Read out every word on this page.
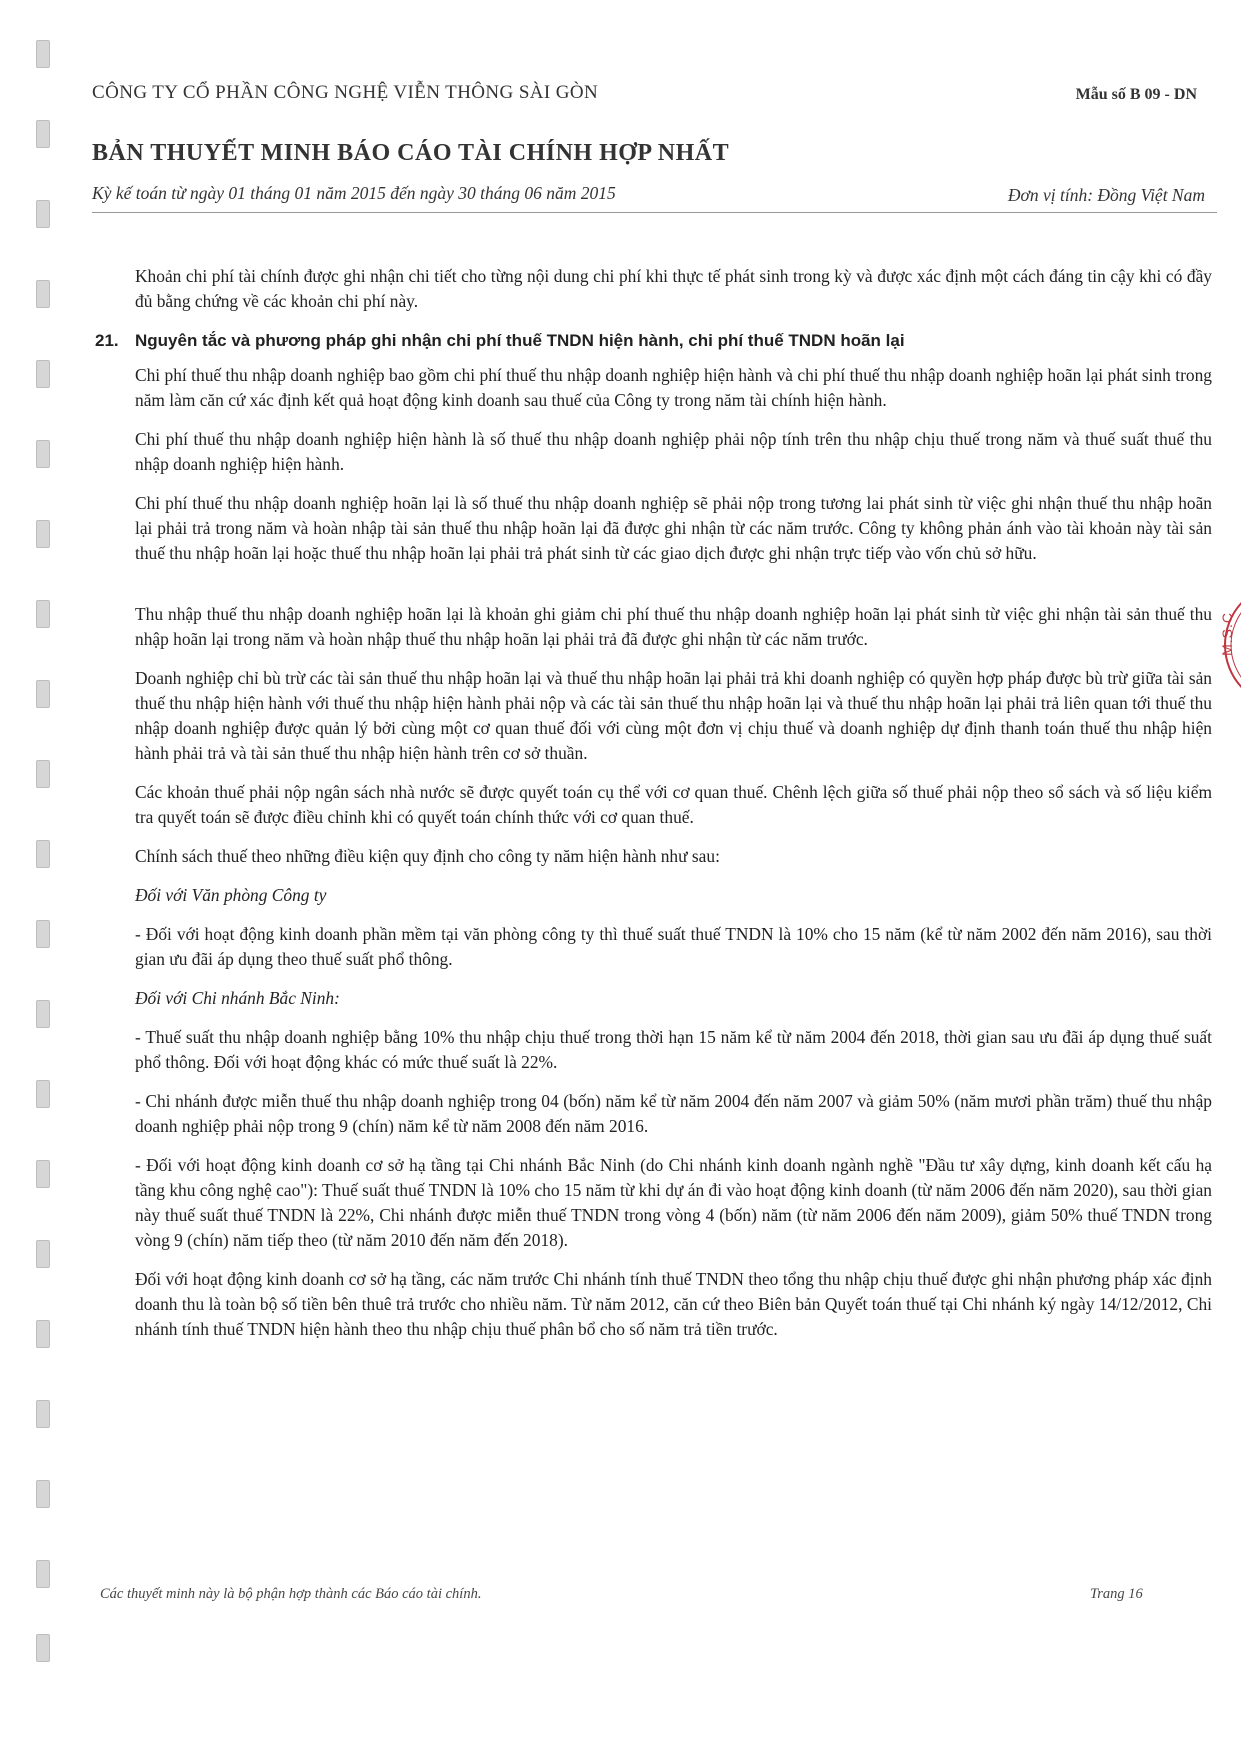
CÔNG TY CỔ PHẦN CÔNG NGHỆ VIỄN THÔNG SÀI GÒN	Mẫu số B 09 - DN
BẢN THUYẾT MINH BÁO CÁO TÀI CHÍNH HỢP NHẤT
Kỳ kế toán từ ngày 01 tháng 01 năm 2015 đến ngày 30 tháng 06 năm 2015	Đơn vị tính: Đồng Việt Nam

Khoản chi phí tài chính được ghi nhận chi tiết cho từng nội dung chi phí khi thực tế phát sinh trong kỳ và được xác định một cách đáng tin cậy khi có đầy đủ bằng chứng về các khoản chi phí này.

21. Nguyên tắc và phương pháp ghi nhận chi phí thuế TNDN hiện hành, chi phí thuế TNDN hoãn lại

Chi phí thuế thu nhập doanh nghiệp bao gồm chi phí thuế thu nhập doanh nghiệp hiện hành và chi phí thuế thu nhập doanh nghiệp hoãn lại phát sinh trong năm làm căn cứ xác định kết quả hoạt động kinh doanh sau thuế của Công ty trong năm tài chính hiện hành.

Chi phí thuế thu nhập doanh nghiệp hiện hành là số thuế thu nhập doanh nghiệp phải nộp tính trên thu nhập chịu thuế trong năm và thuế suất thuế thu nhập doanh nghiệp hiện hành.

Chi phí thuế thu nhập doanh nghiệp hoãn lại là số thuế thu nhập doanh nghiệp sẽ phải nộp trong tương lai phát sinh từ việc ghi nhận thuế thu nhập hoãn lại phải trả trong năm và hoàn nhập tài sản thuế thu nhập hoãn lại đã được ghi nhận từ các năm trước. Công ty không phản ánh vào tài khoản này tài sản thuế thu nhập hoãn lại hoặc thuế thu nhập hoãn lại phải trả phát sinh từ các giao dịch được ghi nhận trực tiếp vào vốn chủ sở hữu.

Thu nhập thuế thu nhập doanh nghiệp hoãn lại là khoản ghi giảm chi phí thuế thu nhập doanh nghiệp hoãn lại phát sinh từ việc ghi nhận tài sản thuế thu nhập hoãn lại trong năm và hoàn nhập thuế thu nhập hoãn lại phải trả đã được ghi nhận từ các năm trước.

Doanh nghiệp chỉ bù trừ các tài sản thuế thu nhập hoãn lại và thuế thu nhập hoãn lại phải trả khi doanh nghiệp có quyền hợp pháp được bù trừ giữa tài sản thuế thu nhập hiện hành với thuế thu nhập hiện hành phải nộp và các tài sản thuế thu nhập hoãn lại và thuế thu nhập hoãn lại phải trả liên quan tới thuế thu nhập doanh nghiệp được quản lý bởi cùng một cơ quan thuế đối với cùng một đơn vị chịu thuế và doanh nghiệp dự định thanh toán thuế thu nhập hiện hành phải trả và tài sản thuế thu nhập hiện hành trên cơ sở thuần.

Các khoản thuế phải nộp ngân sách nhà nước sẽ được quyết toán cụ thể với cơ quan thuế. Chênh lệch giữa số thuế phải nộp theo sổ sách và số liệu kiểm tra quyết toán sẽ được điều chỉnh khi có quyết toán chính thức với cơ quan thuế.

Chính sách thuế theo những điều kiện quy định cho công ty năm hiện hành như sau:

Đối với Văn phòng Công ty

- Đối với hoạt động kinh doanh phần mềm tại văn phòng công ty thì thuế suất thuế TNDN là 10% cho 15 năm (kể từ năm 2002 đến năm 2016), sau thời gian ưu đãi áp dụng theo thuế suất phổ thông.

Đối với Chi nhánh Bắc Ninh:

- Thuế suất thu nhập doanh nghiệp bằng 10% thu nhập chịu thuế trong thời hạn 15 năm kể từ năm 2004 đến 2018, thời gian sau ưu đãi áp dụng thuế suất phổ thông. Đối với hoạt động khác có mức thuế suất là 22%.

- Chi nhánh được miễn thuế thu nhập doanh nghiệp trong 04 (bốn) năm kể từ năm 2004 đến năm 2007 và giảm 50% (năm mươi phần trăm) thuế thu nhập doanh nghiệp phải nộp trong 9 (chín) năm kể từ năm 2008 đến năm 2016.

- Đối với hoạt động kinh doanh cơ sở hạ tầng tại Chi nhánh Bắc Ninh (do Chi nhánh kinh doanh ngành nghề "Đầu tư xây dựng, kinh doanh kết cấu hạ tầng khu công nghệ cao"): Thuế suất thuế TNDN là 10% cho 15 năm từ khi dự án đi vào hoạt động kinh doanh (từ năm 2006 đến năm 2020), sau thời gian này thuế suất thuế TNDN là 22%, Chi nhánh được miễn thuế TNDN trong vòng 4 (bốn) năm (từ năm 2006 đến năm 2009), giảm 50% thuế TNDN trong vòng 9 (chín) năm tiếp theo (từ năm 2010 đến năm đến 2018).

Đối với hoạt động kinh doanh cơ sở hạ tầng, các năm trước Chi nhánh tính thuế TNDN theo tổng thu nhập chịu thuế được ghi nhận phương pháp xác định doanh thu là toàn bộ số tiền bên thuê trả trước cho nhiều năm. Từ năm 2012, căn cứ theo Biên bản Quyết toán thuế tại Chi nhánh ký ngày 14/12/2012, Chi nhánh tính thuế TNDN hiện hành theo thu nhập chịu thuế phân bổ cho số năm trả tiền trước.

M.S.C
Các thuyết minh này là bộ phận hợp thành các Báo cáo tài chính.	Trang 16
